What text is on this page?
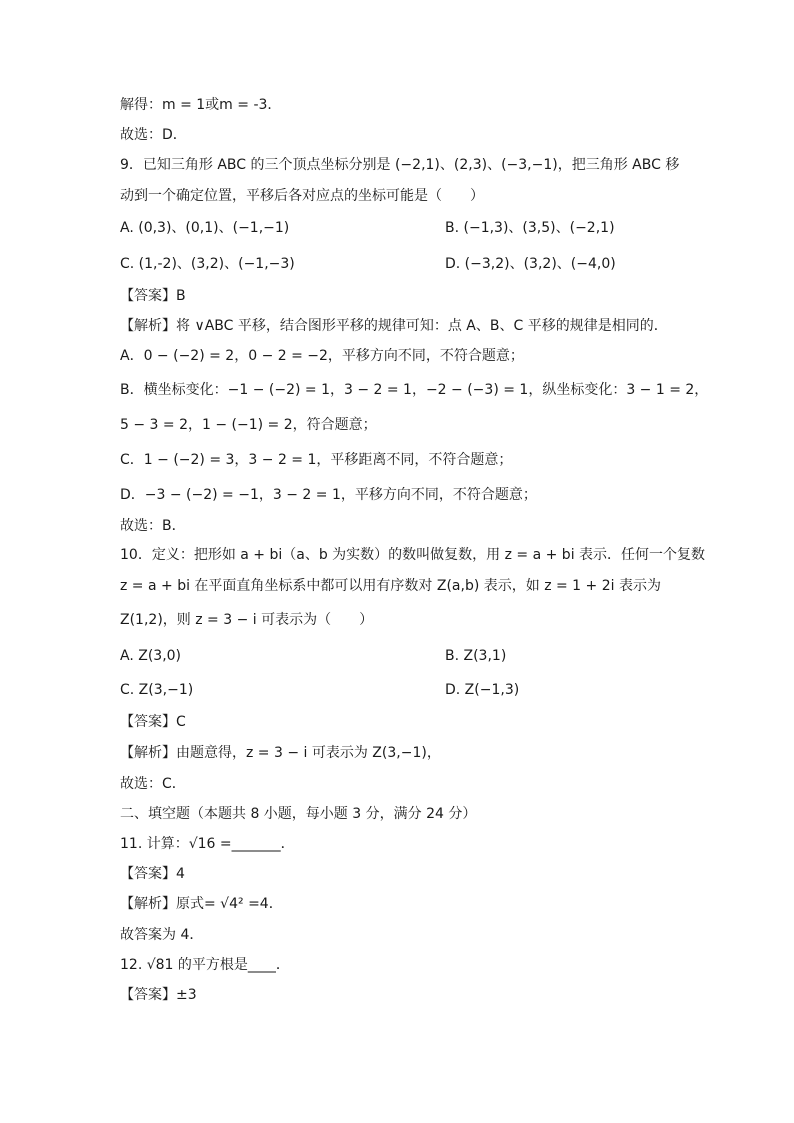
解得：m = 1或m = -3．
故选：D．
9．已知三角形 ABC 的三个顶点坐标分别是 (−2,1)、(2,3)、(−3,−1)，把三角形 ABC 移
动到一个确定位置，平移后各对应点的坐标可能是（　　）
A. (0,3)、(0,1)、(−1,−1)	B. (−1,3)、(3,5)、(−2,1)
C. (1,-2)、(3,2)、(−1,−3)	D. (−3,2)、(3,2)、(−4,0)
【答案】B
【解析】将 ∨ABC 平移，结合图形平移的规律可知：点 A、B、C 平移的规律是相同的．
A．0 − (−2) = 2，0 − 2 = −2，平移方向不同，不符合题意；
B．横坐标变化：−1 − (−2) = 1，3 − 2 = 1，−2 − (−3) = 1，纵坐标变化：3 − 1 = 2，
5 − 3 = 2，1 − (−1) = 2，符合题意；
C．1 − (−2) = 3，3 − 2 = 1，平移距离不同，不符合题意；
D．−3 − (−2) = −1，3 − 2 = 1，平移方向不同，不符合题意；
故选：B．
10．定义：把形如 a + bi（a、b 为实数）的数叫做复数，用 z = a + bi 表示．任何一个复数
z = a + bi 在平面直角坐标系中都可以用有序数对 Z(a,b) 表示，如 z = 1 + 2i 表示为
Z(1,2)，则 z = 3 − i 可表示为（　　）
A. Z(3,0)	B. Z(3,1)
C. Z(3,−1)	D. Z(−1,3)
【答案】C
【解析】由题意得，z = 3 − i 可表示为 Z(3,−1)，
故选：C．
二、填空题（本题共 8 小题，每小题 3 分，满分 24 分）
11. 计算：√16 =_______．
【答案】4
【解析】原式= √4² =4．
故答案为 4．
12. √81 的平方根是____．
【答案】±3
